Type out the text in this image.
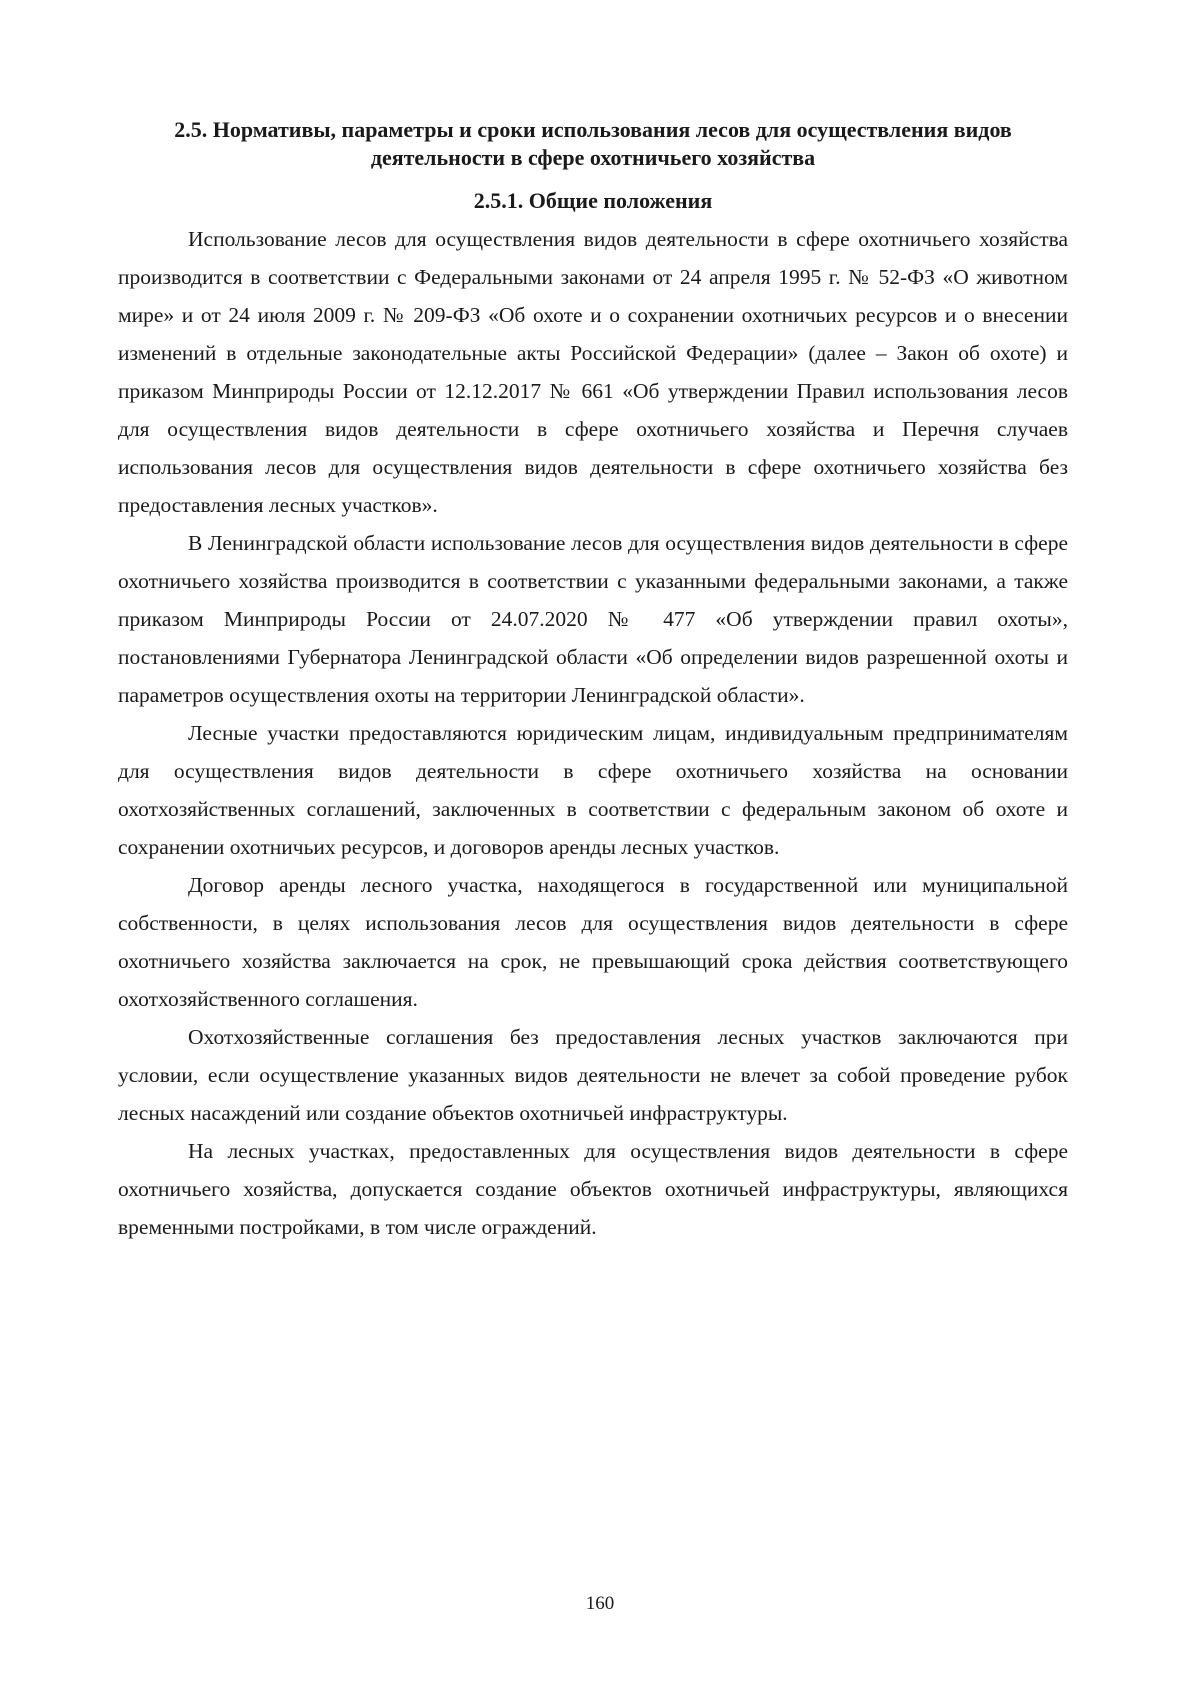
2.5. Нормативы, параметры и сроки использования лесов для осуществления видов деятельности в сфере охотничьего хозяйства
2.5.1. Общие положения

Использование лесов для осуществления видов деятельности в сфере охотничьего хозяйства производится в соответствии с Федеральными законами от 24 апреля 1995 г. № 52-ФЗ «О животном мире» и от 24 июля 2009 г. № 209-ФЗ «Об охоте и о сохранении охотничьих ресурсов и о внесении изменений в отдельные законодательные акты Российской Федерации» (далее – Закон об охоте) и приказом Минприроды России от 12.12.2017 № 661 «Об утверждении Правил использования лесов для осуществления видов деятельности в сфере охотничьего хозяйства и Перечня случаев использования лесов для осуществления видов деятельности в сфере охотничьего хозяйства без предоставления лесных участков».

В Ленинградской области использование лесов для осуществления видов деятельности в сфере охотничьего хозяйства производится в соответствии с указанными федеральными законами, а также приказом Минприроды России от 24.07.2020 № 477 «Об утверждении правил охоты», постановлениями Губернатора Ленинградской области «Об определении видов разрешенной охоты и параметров осуществления охоты на территории Ленинградской области».

Лесные участки предоставляются юридическим лицам, индивидуальным предпринимателям для осуществления видов деятельности в сфере охотничьего хозяйства на основании охотхозяйственных соглашений, заключенных в соответствии с федеральным законом об охоте и сохранении охотничьих ресурсов, и договоров аренды лесных участков.

Договор аренды лесного участка, находящегося в государственной или муниципальной собственности, в целях использования лесов для осуществления видов деятельности в сфере охотничьего хозяйства заключается на срок, не превышающий срока действия соответствующего охотхозяйственного соглашения.

Охотхозяйственные соглашения без предоставления лесных участков заключаются при условии, если осуществление указанных видов деятельности не влечет за собой проведение рубок лесных насаждений или создание объектов охотничьей инфраструктуры.

На лесных участках, предоставленных для осуществления видов деятельности в сфере охотничьего хозяйства, допускается создание объектов охотничьей инфраструктуры, являющихся временными постройками, в том числе ограждений.

160
